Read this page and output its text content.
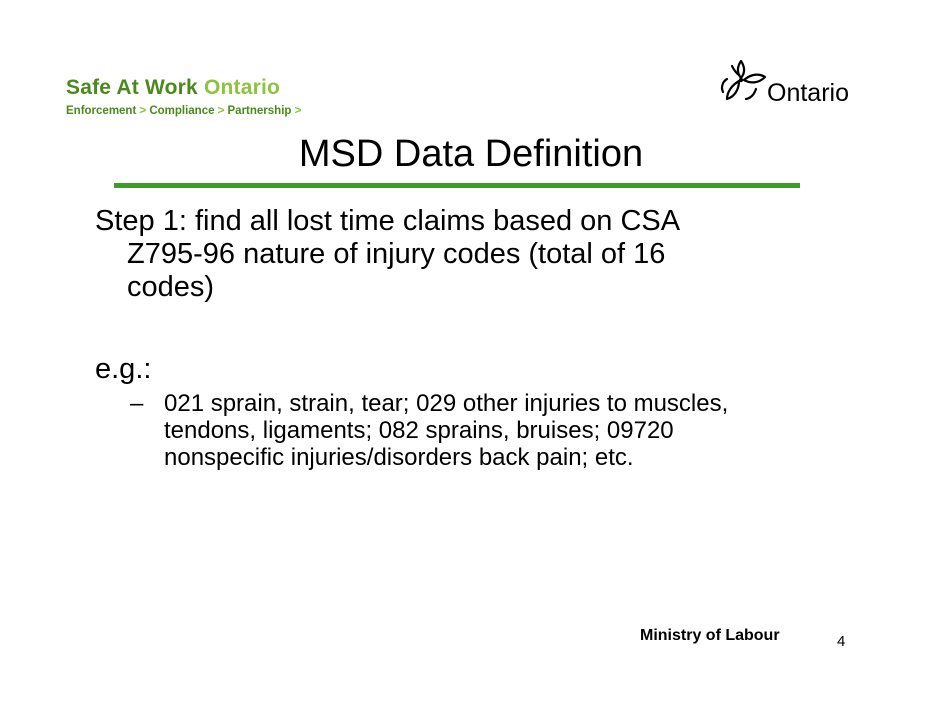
Safe At Work Ontario
Enforcement > Compliance > Partnership >
Ontario
MSD Data Definition
Step 1: find all lost time claims based on CSA
Z795-96 nature of injury codes (total of 16
codes)
e.g.:
– 021 sprain, strain, tear; 029 other injuries to muscles,
tendons, ligaments; 082 sprains, bruises; 09720
nonspecific injuries/disorders back pain; etc.
Ministry of Labour	4
